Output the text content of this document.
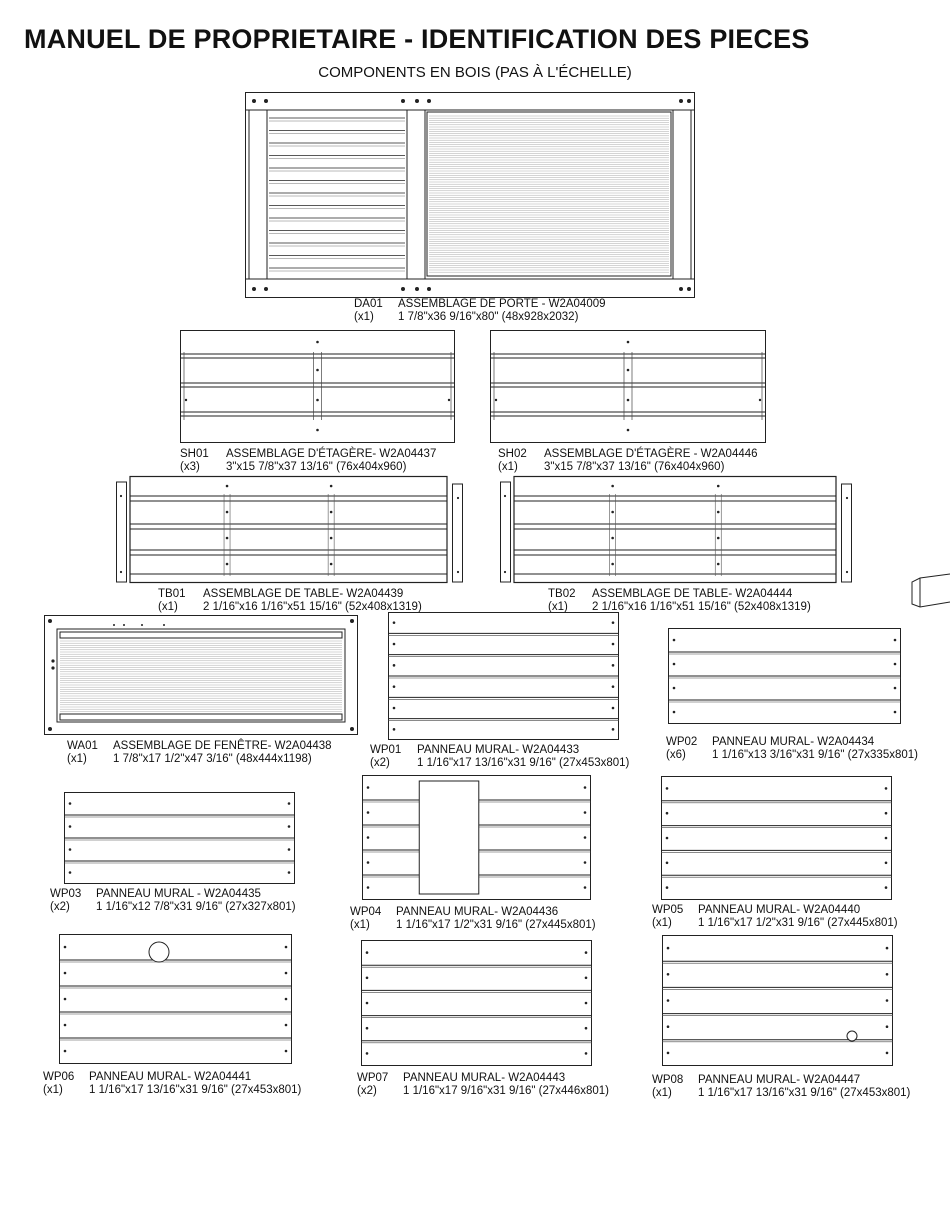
MANUEL DE PROPRIETAIRE - IDENTIFICATION DES PIECES
COMPONENTS EN BOIS (PAS À L'ÉCHELLE)
DA01	ASSEMBLAGE DE PORTE - W2A04009
(x1)	1 7/8"x36 9/16"x80" (48x928x2032)
SH01	ASSEMBLAGE D'ÉTAGÈRE- W2A04437
(x3)	3"x15 7/8"x37 13/16" (76x404x960)
SH02	ASSEMBLAGE D'ÉTAGÈRE - W2A04446
(x1)	3"x15 7/8"x37 13/16" (76x404x960)
TB01	ASSEMBLAGE DE TABLE- W2A04439
(x1)	2 1/16"x16 1/16"x51 15/16" (52x408x1319)
TB02	ASSEMBLAGE DE TABLE- W2A04444
(x1)	2 1/16"x16 1/16"x51 15/16" (52x408x1319)
WA01	ASSEMBLAGE DE FENÊTRE- W2A04438
(x1)	1 7/8"x17 1/2"x47 3/16" (48x444x1198)
WP01	PANNEAU MURAL- W2A04433
(x2)	1 1/16"x17 13/16"x31 9/16" (27x453x801)
WP02	PANNEAU MURAL- W2A04434
(x6)	1 1/16"x13 3/16"x31 9/16" (27x335x801)
WP03	PANNEAU MURAL - W2A04435
(x2)	1 1/16"x12 7/8"x31 9/16" (27x327x801)	WP04	PANNEAU MURAL- W2A04436
(x1)	1 1/16"x17 1/2"x31 9/16" (27x445x801)
WP05	PANNEAU MURAL- W2A04440
(x1)	1 1/16"x17 1/2"x31 9/16" (27x445x801)
WP06	PANNEAU MURAL- W2A04441
(x1)	1 1/16"x17 13/16"x31 9/16" (27x453x801)
WP07	PANNEAU MURAL- W2A04443
(x2)	1 1/16"x17 9/16"x31 9/16" (27x446x801)
WP08	PANNEAU MURAL- W2A04447
(x1)	1 1/16"x17 13/16"x31 9/16" (27x453x801)
